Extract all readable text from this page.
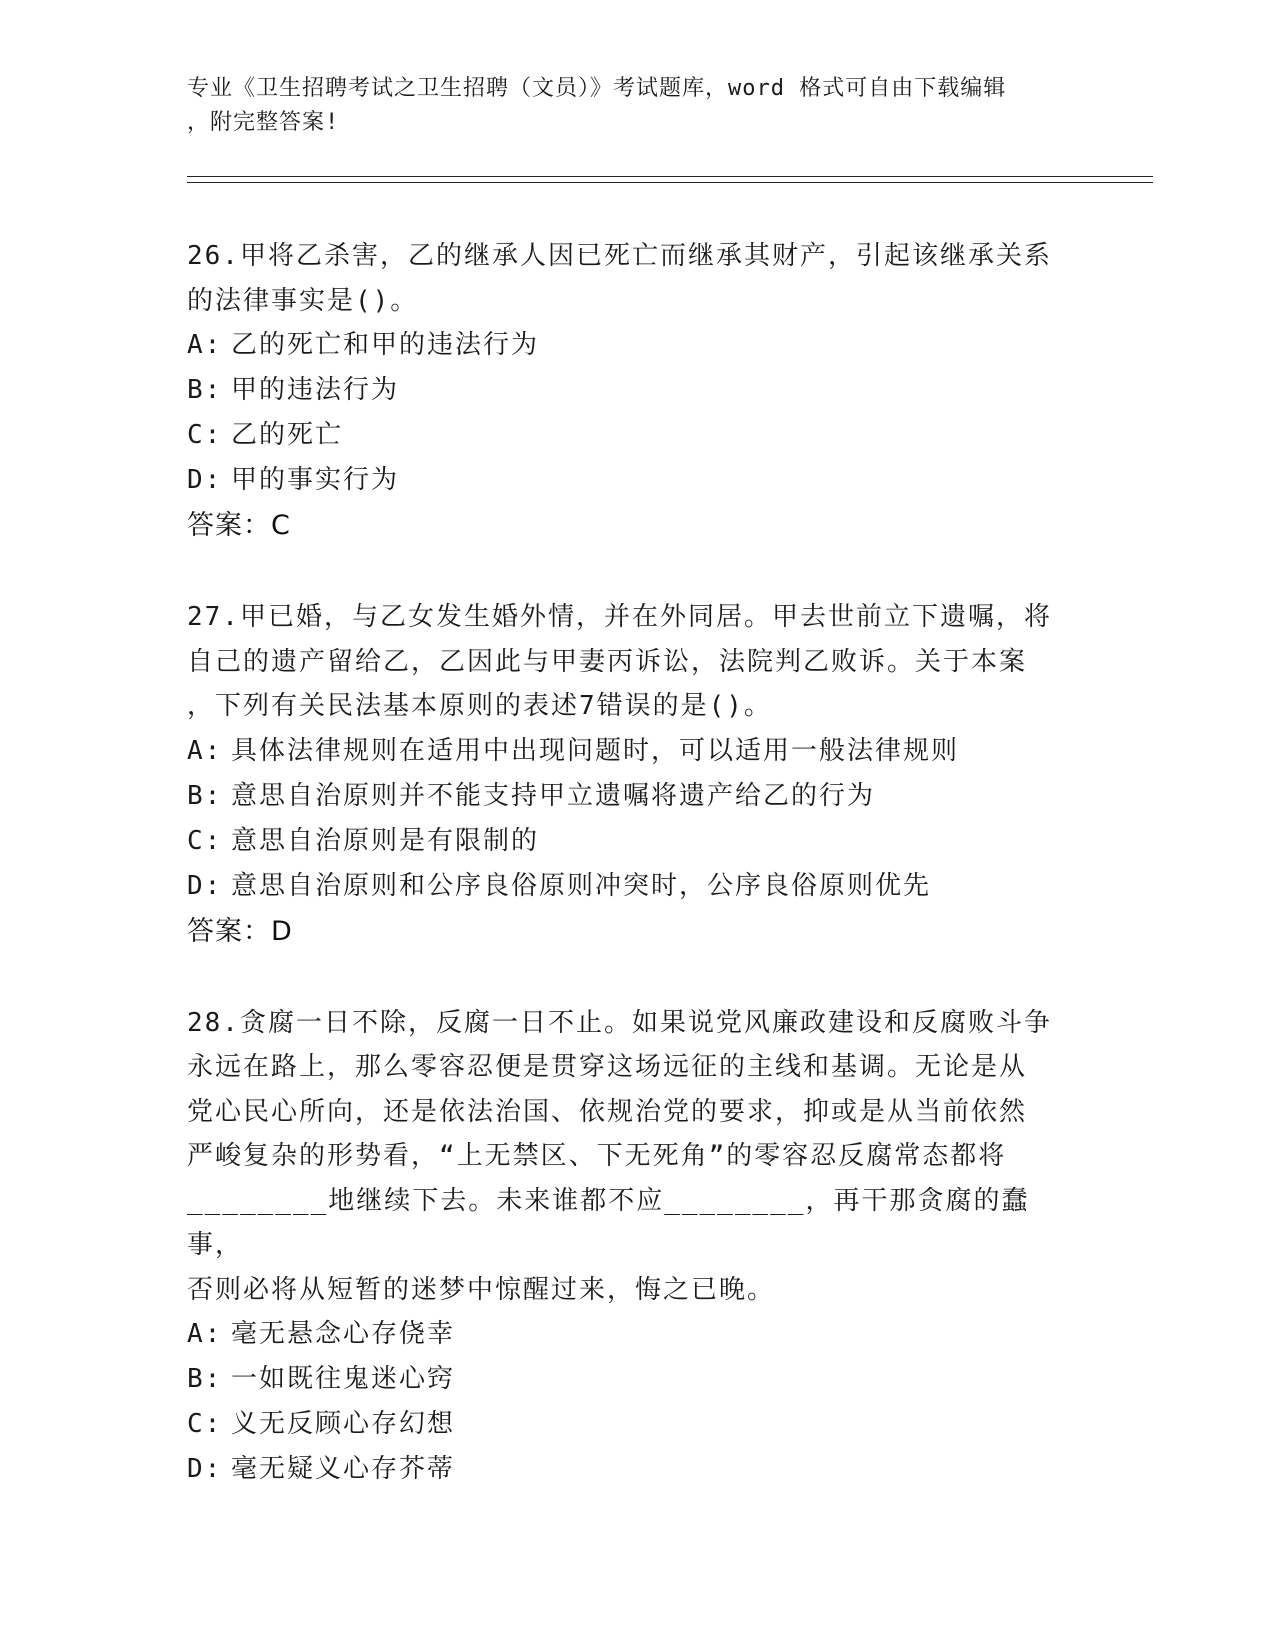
专业《卫生招聘考试之卫生招聘（文员）》考试题库，word 格式可自由下载编辑
，附完整答案!

26.甲将乙杀害，乙的继承人因已死亡而继承其财产，引起该继承关系

的法律事实是()。

A: 乙的死亡和甲的违法行为

B: 甲的违法行为

C: 乙的死亡

D: 甲的事实行为

答案：C

27.甲已婚，与乙女发生婚外情，并在外同居。甲去世前立下遗嘱，将

自己的遗产留给乙，乙因此与甲妻丙诉讼，法院判乙败诉。关于本案

，下列有关民法基本原则的表述7错误的是()。

A: 具体法律规则在适用中出现问题时，可以适用一般法律规则

B: 意思自治原则并不能支持甲立遗嘱将遗产给乙的行为

C: 意思自治原则是有限制的

D: 意思自治原则和公序良俗原则冲突时，公序良俗原则优先

答案：D

28.贪腐一日不除，反腐一日不止。如果说党风廉政建设和反腐败斗争

永远在路上，那么零容忍便是贯穿这场远征的主线和基调。无论是从

党心民心所向，还是依法治国、依规治党的要求，抑或是从当前依然

严峻复杂的形势看，“上无禁区、下无死角”的零容忍反腐常态都将

________地继续下去。未来谁都不应________，再干那贪腐的蠢事，

否则必将从短暂的迷梦中惊醒过来，悔之已晚。

A: 毫无悬念心存侥幸

B: 一如既往鬼迷心窍

C: 义无反顾心存幻想

D: 毫无疑义心存芥蒂
